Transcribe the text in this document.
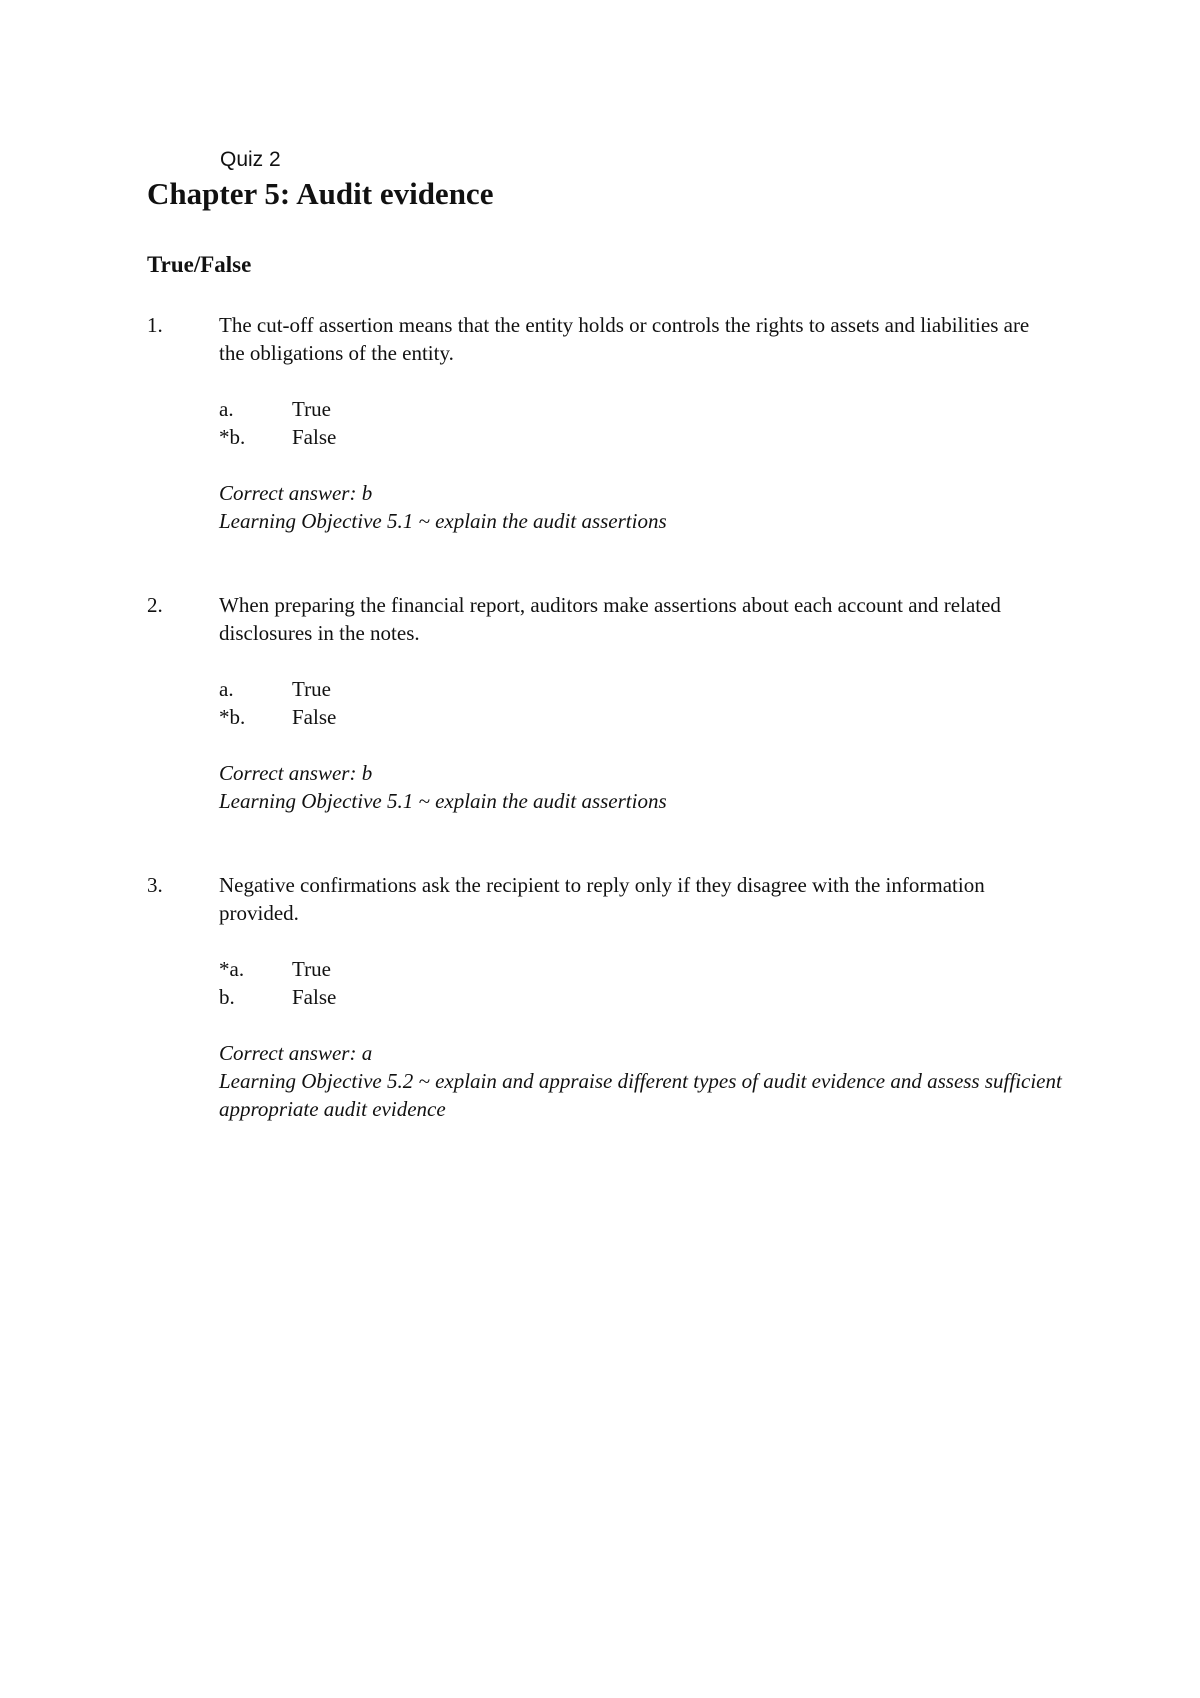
Quiz 2
Chapter 5: Audit evidence
True/False
1.	The cut-off assertion means that the entity holds or controls the rights to assets and liabilities are the obligations of the entity.
a.	True
*b. False
Correct answer: b
Learning Objective 5.1 ~ explain the audit assertions
2.	When preparing the financial report, auditors make assertions about each account and related disclosures in the notes.
a.	True
*b. False
Correct answer: b
Learning Objective 5.1 ~ explain the audit assertions
3.	Negative confirmations ask the recipient to reply only if they disagree with the information provided.
*a. True
b.	False
Correct answer: a
Learning Objective 5.2 ~ explain and appraise different types of audit evidence and assess sufficient appropriate audit evidence
